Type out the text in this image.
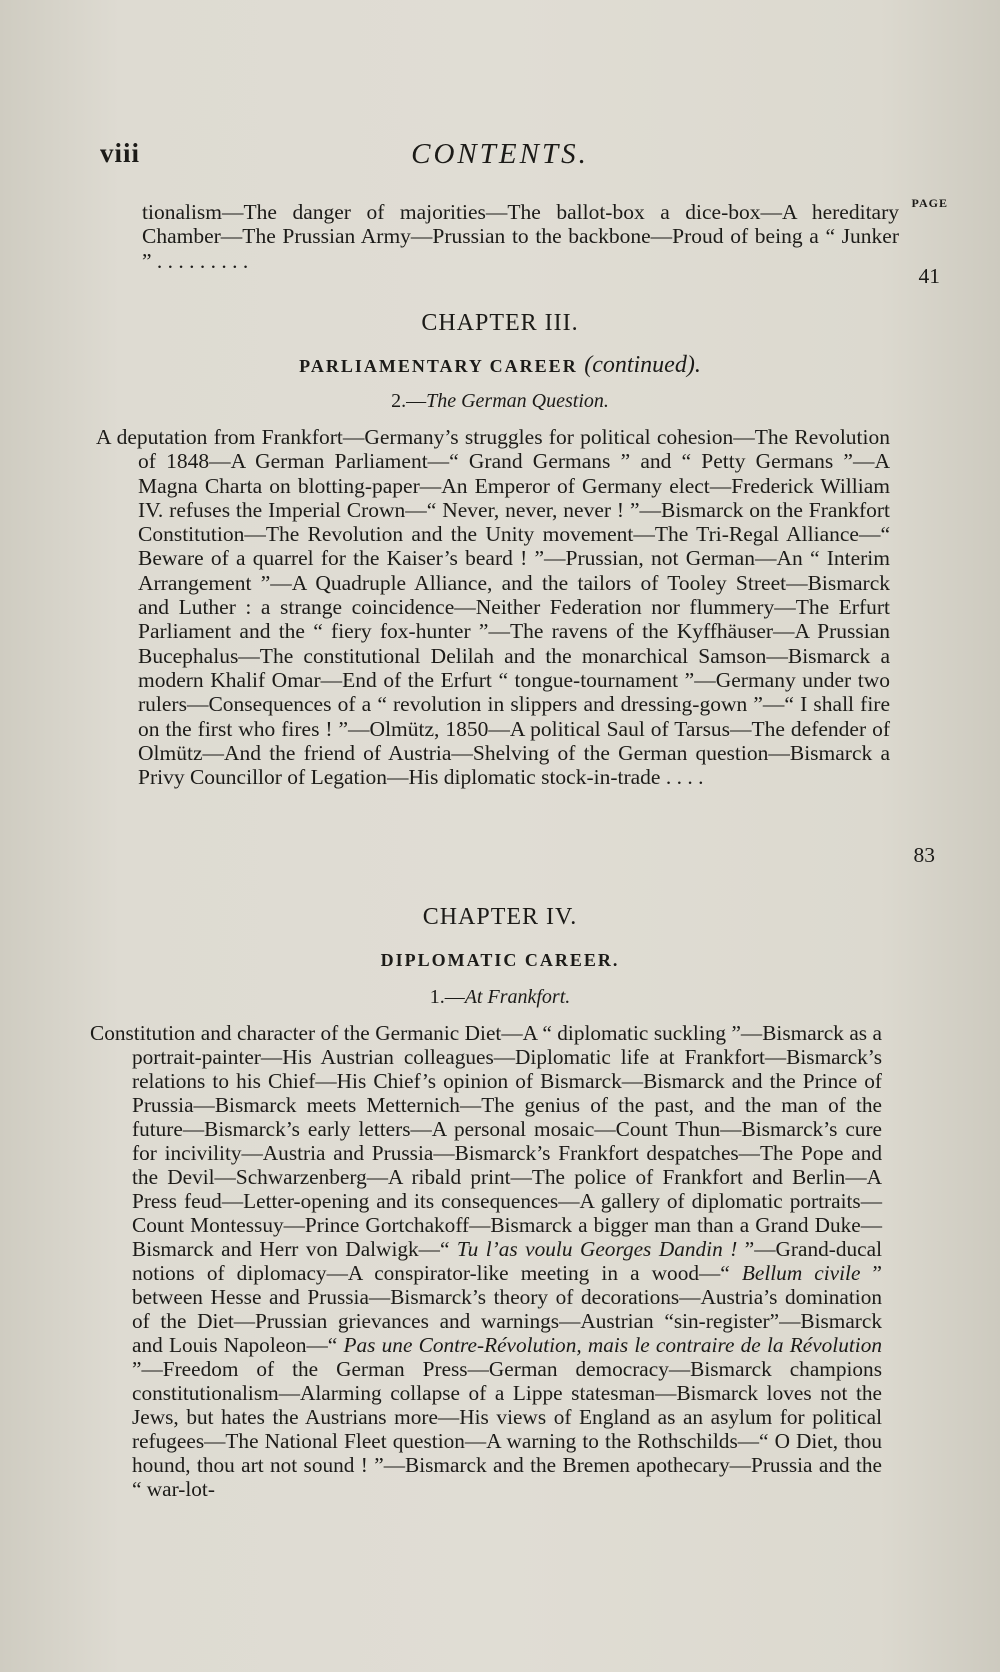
viii	CONTENTS.
PAGE

tionalism—The danger of majorities—The ballot-box a dice-box—A hereditary Chamber—The Prussian Army—Prussian to the backbone—Proud of being a “ Junker ” . . . . . . . . .

41
CHAPTER III.
PARLIAMENTARY CAREER (continued).
2.—The German Question.

A deputation from Frankfort—Germany’s struggles for political cohesion—The Revolution of 1848—A German Parliament—“ Grand Germans ” and “ Petty Germans ”—A Magna Charta on blotting-paper—An Emperor of Germany elect—Frederick William IV. refuses the Imperial Crown—“ Never, never, never ! ”—Bismarck on the Frankfort Constitution—The Revolution and the Unity movement—The Tri-Regal Alliance—“ Beware of a quarrel for the Kaiser’s beard ! ”—Prussian, not German—An “ Interim Arrangement ”—A Quadruple Alliance, and the tailors of Tooley Street—Bismarck and Luther : a strange coincidence—Neither Federation nor flummery—The Erfurt Parliament and the “ fiery fox-hunter ”—The ravens of the Kyffhäuser—A Prussian Bucephalus—The constitutional Delilah and the monarchical Samson—Bismarck a modern Khalif Omar—End of the Erfurt “ tongue-tournament ”—Germany under two rulers—Consequences of a “ revolution in slippers and dressing-gown ”—“ I shall fire on the first who fires ! ”—Olmütz, 1850—A political Saul of Tarsus—The defender of Olmütz—And the friend of Austria—Shelving of the German question—Bismarck a Privy Councillor of Legation—His diplomatic stock-in-trade . . . .

83
CHAPTER IV.
DIPLOMATIC CAREER.
1.—At Frankfort.

Constitution and character of the Germanic Diet—A “ diplomatic suckling ”—Bismarck as a portrait-painter—His Austrian colleagues—Diplomatic life at Frankfort—Bismarck’s relations to his Chief—His Chief’s opinion of Bismarck—Bismarck and the Prince of Prussia—Bismarck meets Metternich—The genius of the past, and the man of the future—Bismarck’s early letters—A personal mosaic—Count Thun—Bismarck’s cure for incivility—Austria and Prussia—Bismarck’s Frankfort despatches—The Pope and the Devil—Schwarzenberg—A ribald print—The police of Frankfort and Berlin—A Press feud—Letter-opening and its consequences—A gallery of diplomatic portraits—Count Montessuy—Prince Gortchakoff—Bismarck a bigger man than a Grand Duke—Bismarck and Herr von Dalwigk—“ Tu l’as voulu Georges Dandin ! ”—Grand-ducal notions of diplomacy—A conspirator-like meeting in a wood—“ Bellum civile ” between Hesse and Prussia—Bismarck’s theory of decorations—Austria’s domination of the Diet—Prussian grievances and warnings—Austrian “sin-register”—Bismarck and Louis Napoleon—“ Pas une Contre-Révolution, mais le contraire de la Révolution ”—Freedom of the German Press—German democracy—Bismarck champions constitutionalism—Alarming collapse of a Lippe statesman—Bismarck loves not the Jews, but hates the Austrians more—His views of England as an asylum for political refugees—The National Fleet question—A warning to the Rothschilds—“ O Diet, thou hound, thou art not sound ! ”—Bismarck and the Bremen apothecary—Prussia and the “ war-lot-
